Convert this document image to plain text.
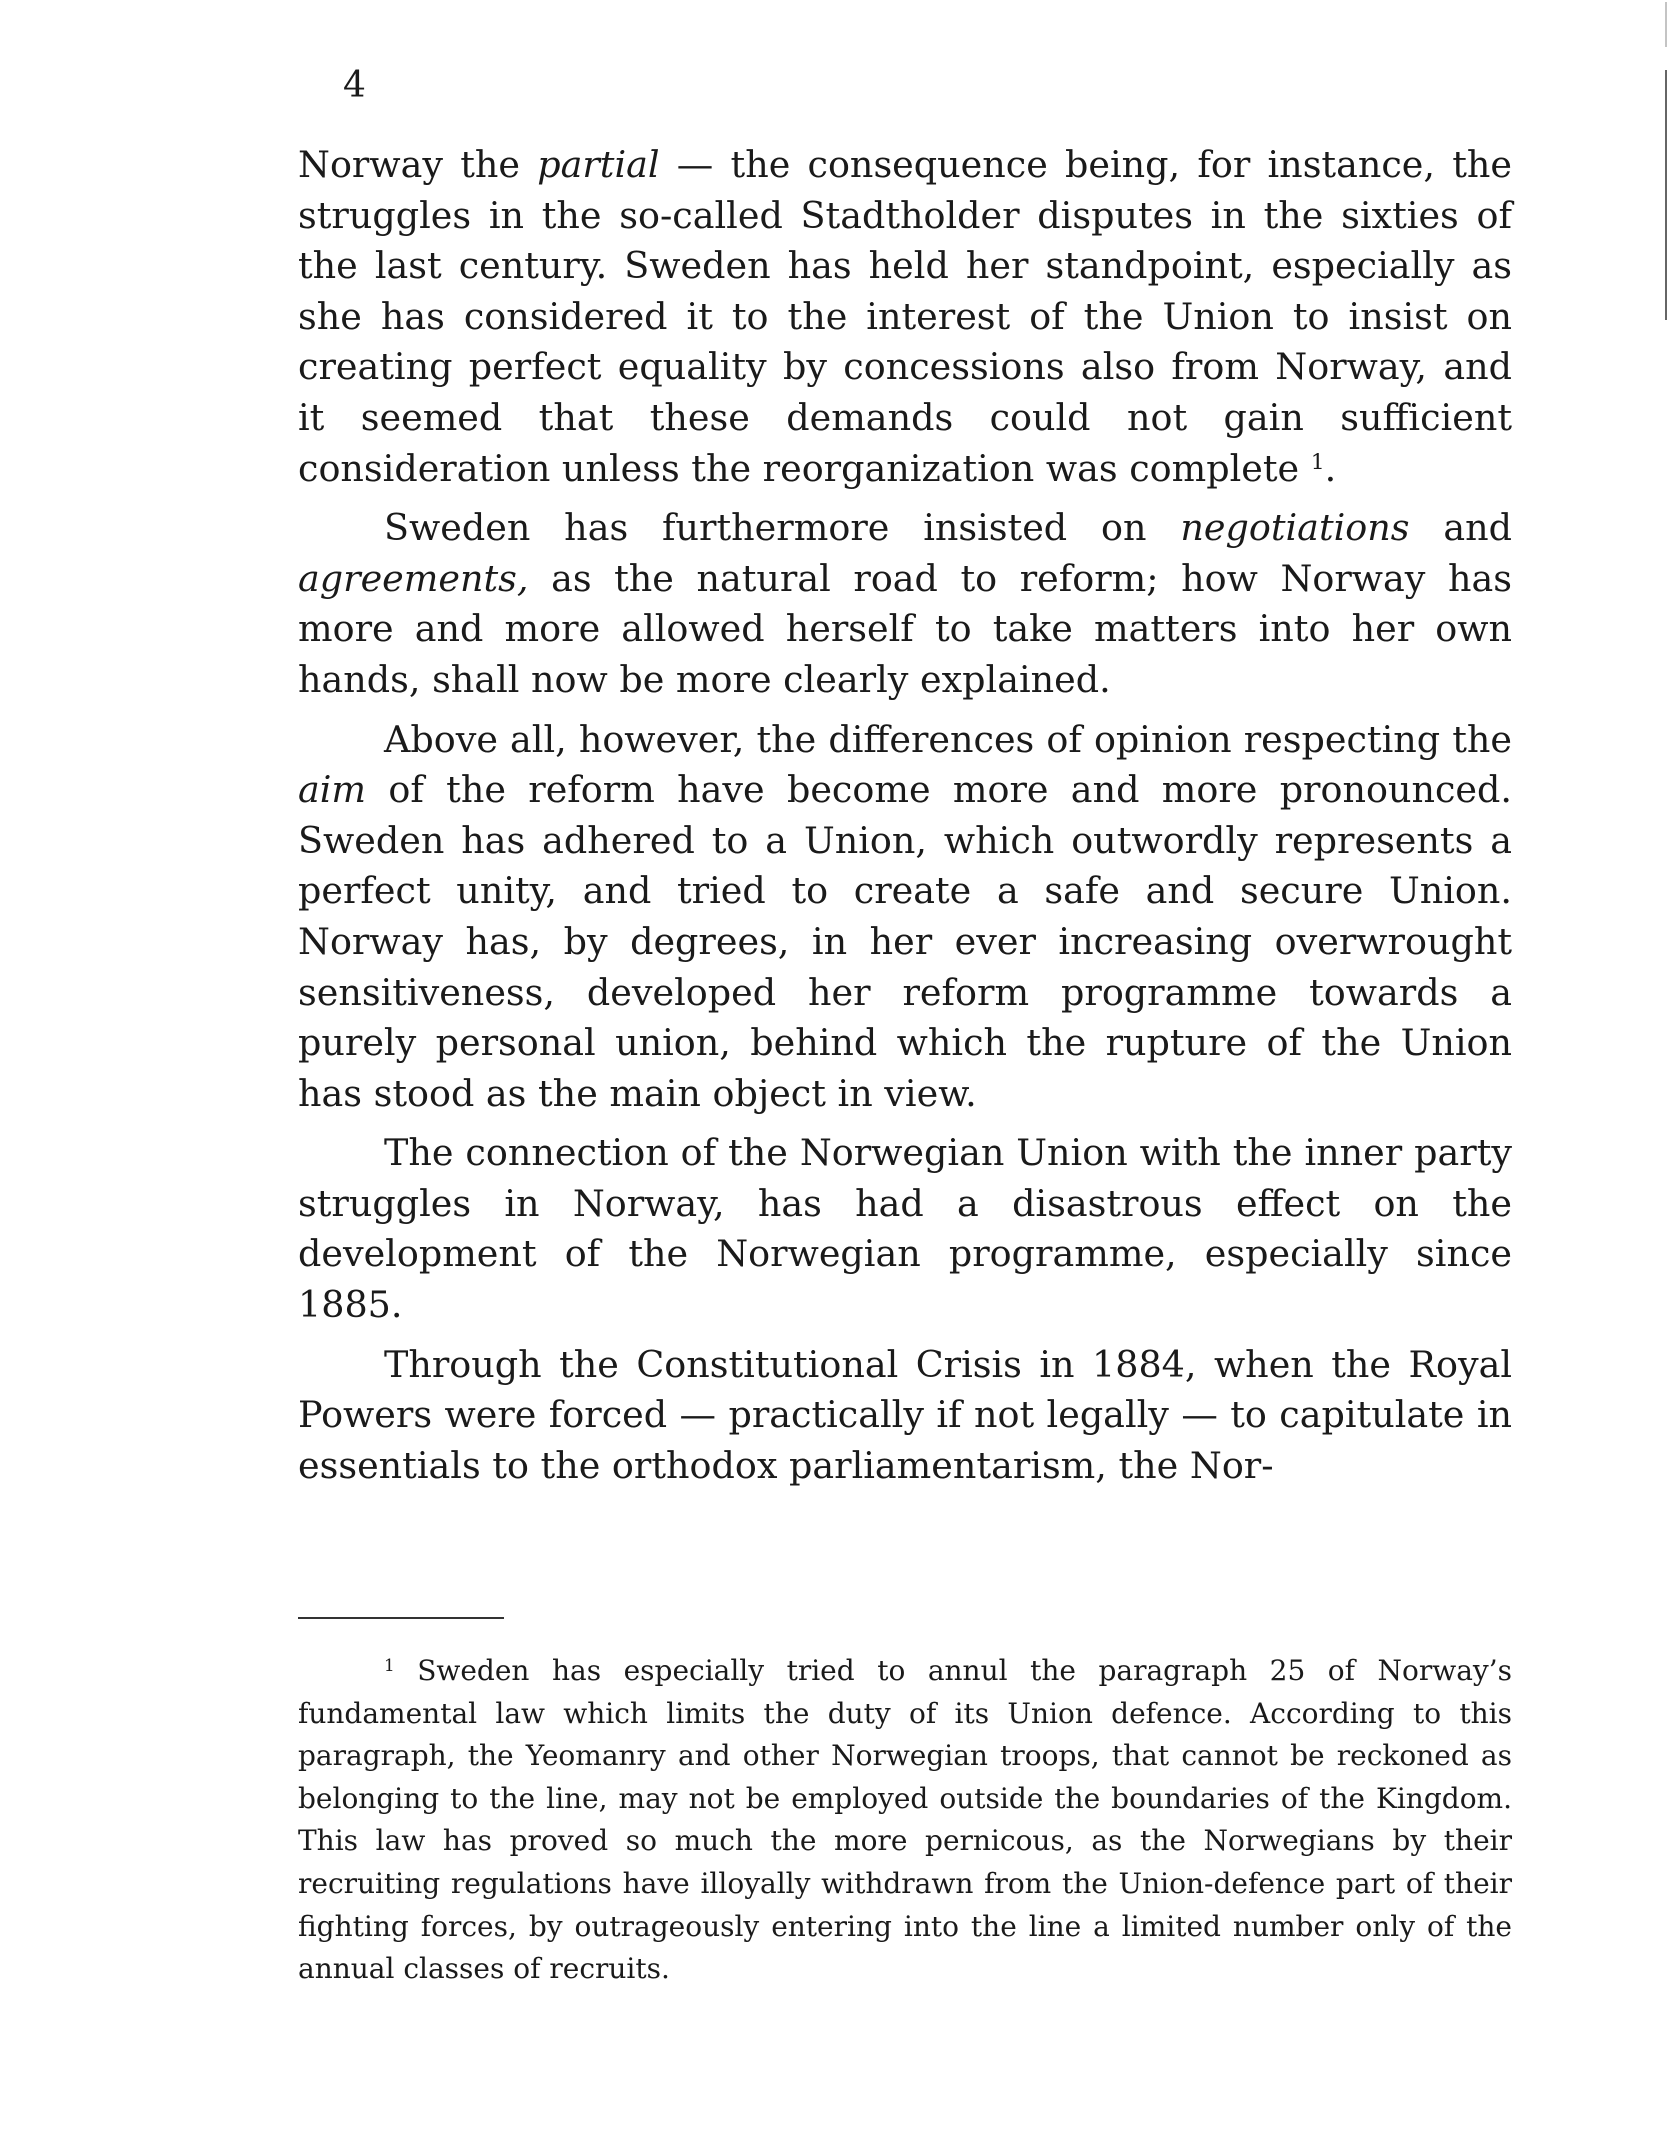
4

Norway the partial — the consequence being, for instance, the struggles in the so-called Stadtholder disputes in the sixties of the last century. Sweden has held her standpoint, especially as she has considered it to the interest of the Union to insist on creating perfect equality by concessions also from Norway, and it seemed that these demands could not gain sufficient consideration unless the reorganization was complete $^1$.

Sweden has furthermore insisted on negotiations and agreements, as the natural road to reform; how Norway has more and more allowed herself to take matters into her own hands, shall now be more clearly explained.

Above all, however, the differences of opinion respecting the aim of the reform have become more and more pronounced. Sweden has adhered to a Union, which outwordly represents a perfect unity, and tried to create a safe and secure Union. Norway has, by degrees, in her ever increasing overwrought sensitiveness, developed her reform programme towards a purely personal union, behind which the rupture of the Union has stood as the main object in view.

The connection of the Norwegian Union with the inner party struggles in Norway, has had a disastrous effect on the development of the Norwegian programme, especially since 1885.

Through the Constitutional Crisis in 1884, when the Royal Powers were forced — practically if not legally — to capitulate in essentials to the orthodox parliamentarism, the Nor-

$^1$ Sweden has especially tried to annul the paragraph 25 of Norway’s fundamental law which limits the duty of its Union defence. According to this paragraph, the Yeomanry and other Norwegian troops, that cannot be reckoned as belonging to the line, may not be employed outside the boundaries of the Kingdom. This law has proved so much the more pernicous, as the Norwegians by their recruiting regulations have illoyally withdrawn from the Union-defence part of their fighting forces, by outrageously entering into the line a limited number only of the annual classes of recruits.
